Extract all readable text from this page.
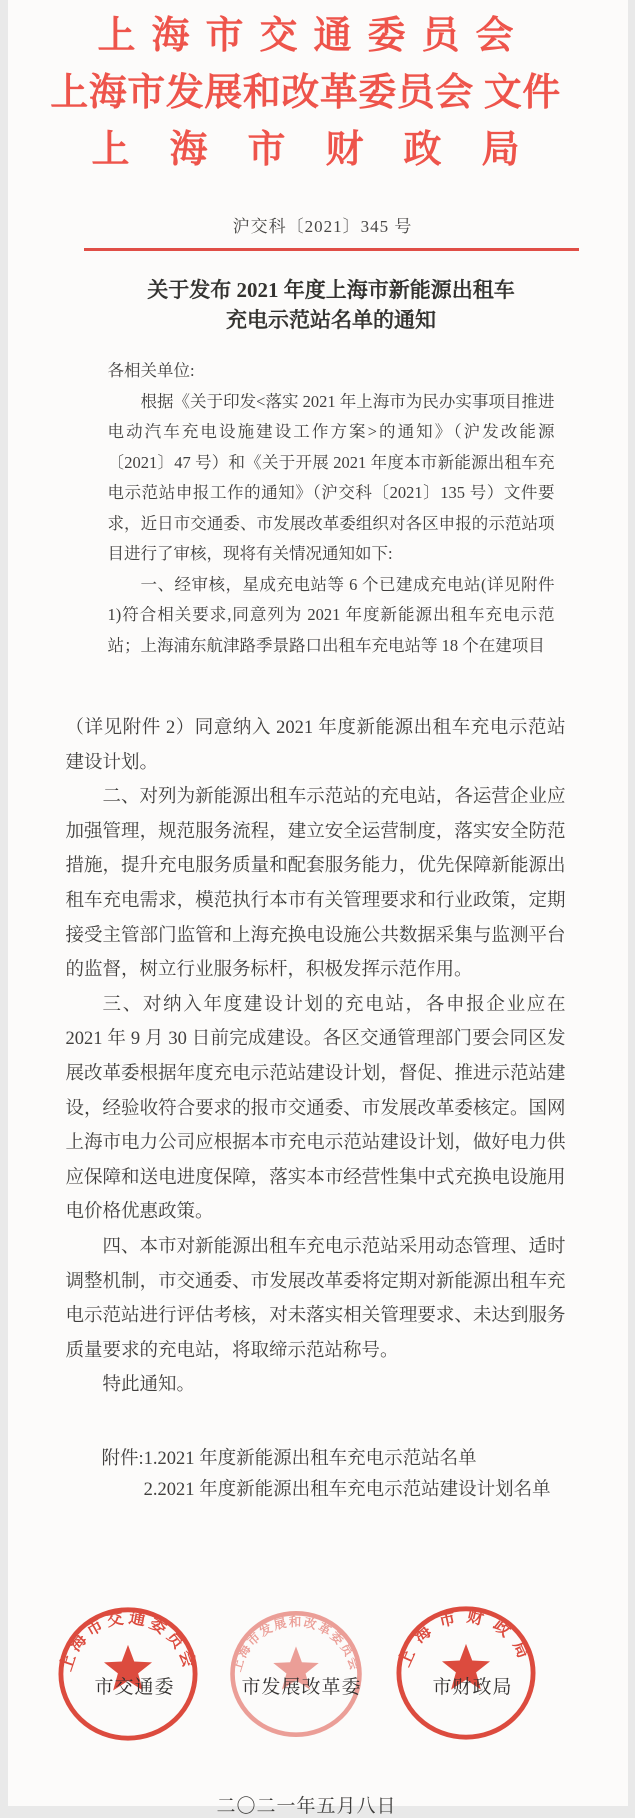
上海市交通委员会
上海市发展和改革委员会 文件
上海市财政局
沪交科〔2021〕345 号
关于发布 2021 年度上海市新能源出租车
充电示范站名单的通知

各相关单位:

根据《关于印发<落实 2021 年上海市为民办实事项目推进电动汽车充电设施建设工作方案>的通知》（沪发改能源〔2021〕47 号）和《关于开展 2021 年度本市新能源出租车充电示范站申报工作的通知》（沪交科〔2021〕135 号）文件要求，近日市交通委、市发展改革委组织对各区申报的示范站项目进行了审核，现将有关情况通知如下:

一、经审核，星成充电站等 6 个已建成充电站(详见附件1)符合相关要求,同意列为 2021 年度新能源出租车充电示范站；上海浦东航津路季景路口出租车充电站等 18 个在建项目

（详见附件 2）同意纳入 2021 年度新能源出租车充电示范站建设计划。

二、对列为新能源出租车示范站的充电站，各运营企业应加强管理，规范服务流程，建立安全运营制度，落实安全防范措施，提升充电服务质量和配套服务能力，优先保障新能源出租车充电需求，模范执行本市有关管理要求和行业政策，定期接受主管部门监管和上海充换电设施公共数据采集与监测平台的监督，树立行业服务标杆，积极发挥示范作用。

三、对纳入年度建设计划的充电站，各申报企业应在 2021 年 9 月 30 日前完成建设。各区交通管理部门要会同区发展改革委根据年度充电示范站建设计划，督促、推进示范站建设，经验收符合要求的报市交通委、市发展改革委核定。国网上海市电力公司应根据本市充电示范站建设计划，做好电力供应保障和送电进度保障，落实本市经营性集中式充换电设施用电价格优惠政策。

四、本市对新能源出租车充电示范站采用动态管理、适时调整机制，市交通委、市发展改革委将定期对新能源出租车充电示范站进行评估考核，对未落实相关管理要求、未达到服务质量要求的充电站，将取缔示范站称号。

特此通知。

附件: 1.2021 年度新能源出租车充电示范站名单
2.2021 年度新能源出租车充电示范站建设计划名单
上海市交通委员会
市交通委
上海市发展和改革委员会
市发展改革委
上海市财政局
市财政局
二〇二一年五月八日
